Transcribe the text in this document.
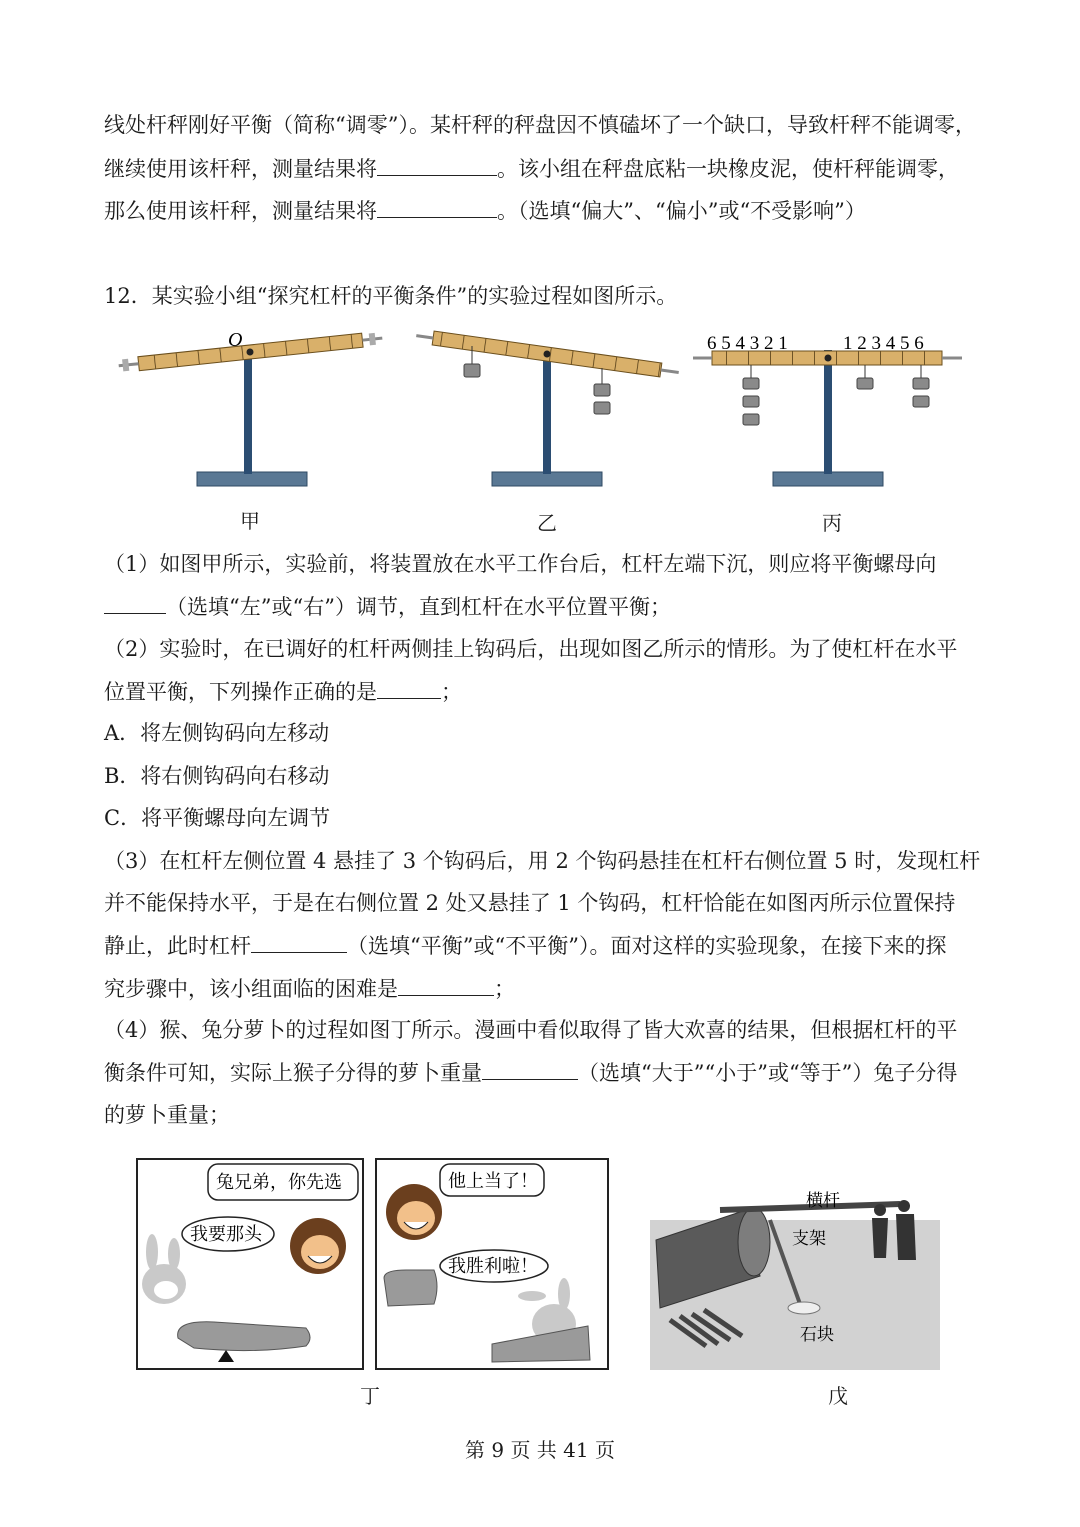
线处杆秤刚好平衡（简称“调零”）。某杆秤的秤盘因不慎磕坏了一个缺口，导致杆秤不能调零，
继续使用该杆秤，测量结果将	。该小组在秤盘底粘一块橡皮泥，使杆秤能调零，
那么使用该杆秤，测量结果将	。（选填“偏大”、“偏小”或“不受影响”）
12．某实验小组“探究杠杆的平衡条件”的实验过程如图所示。
O	6 5 4 3 2 1	1 2 3 4 5 6
甲	乙	丙
（1）如图甲所示，实验前，将装置放在水平工作台后，杠杆左端下沉，则应将平衡螺母向
（选填“左”或“右”）调节，直到杠杆在水平位置平衡；
（2）实验时，在已调好的杠杆两侧挂上钩码后，出现如图乙所示的情形。为了使杠杆在水平
位置平衡，下列操作正确的是	；
A．将左侧钩码向左移动
B．将右侧钩码向右移动
C．将平衡螺母向左调节
（3）在杠杆左侧位置 4 悬挂了 3 个钩码后，用 2 个钩码悬挂在杠杆右侧位置 5 时，发现杠杆
并不能保持水平，于是在右侧位置 2 处又悬挂了 1 个钩码，杠杆恰能在如图丙所示位置保持
静止，此时杠杆	（选填“平衡”或“不平衡”）。面对这样的实验现象，在接下来的探
究步骤中，该小组面临的困难是	；
（4）猴、兔分萝卜的过程如图丁所示。漫画中看似取得了皆大欢喜的结果，但根据杠杆的平
衡条件可知，实际上猴子分得的萝卜重量	（选填“大于”“小于”或“等于”）兔子分得
的萝卜重量；
兔兄弟，你先选
我要那头
他上当了！
我胜利啦！
丁
横杆
支架
石块
戊
第 9 页 共 41 页
